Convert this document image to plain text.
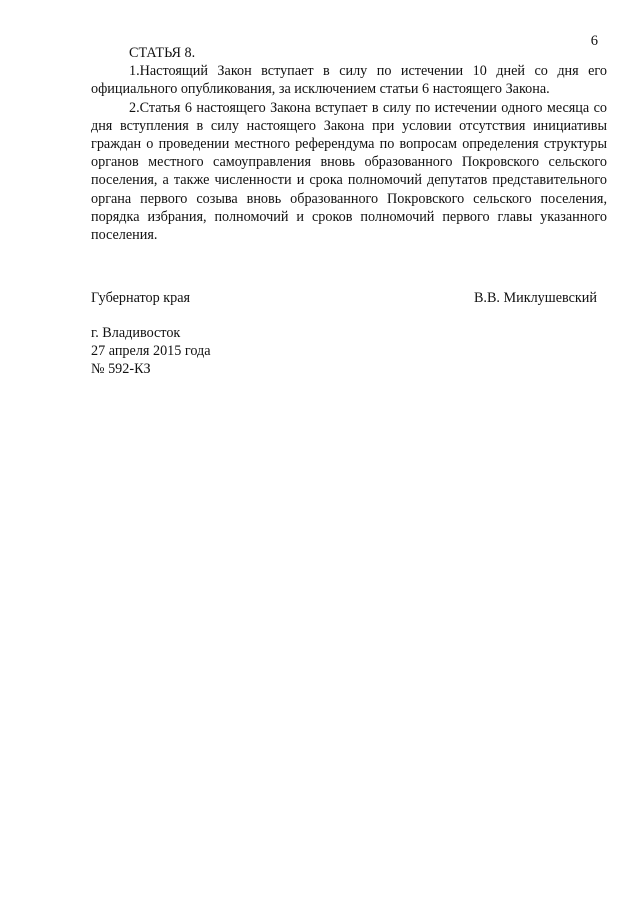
6
СТАТЬЯ 8.

1.Настоящий Закон вступает в силу по истечении 10 дней со дня его официального опубликования, за исключением статьи 6 настоящего Закона.

2.Статья 6 настоящего Закона вступает в силу по истечении одного месяца со дня вступления в силу настоящего Закона при условии отсутствия инициативы граждан о проведении местного референдума по вопросам определения структуры органов местного самоуправления вновь образованного Покровского сельского поселения, а также численности и срока полномочий депутатов представительного органа первого созыва вновь образованного Покровского сельского поселения, порядка избрания, полномочий и сроков полномочий первого главы указанного поселения.

Губернатор края	В.В. Миклушевский
г. Владивосток
27 апреля 2015 года
№ 592-КЗ
